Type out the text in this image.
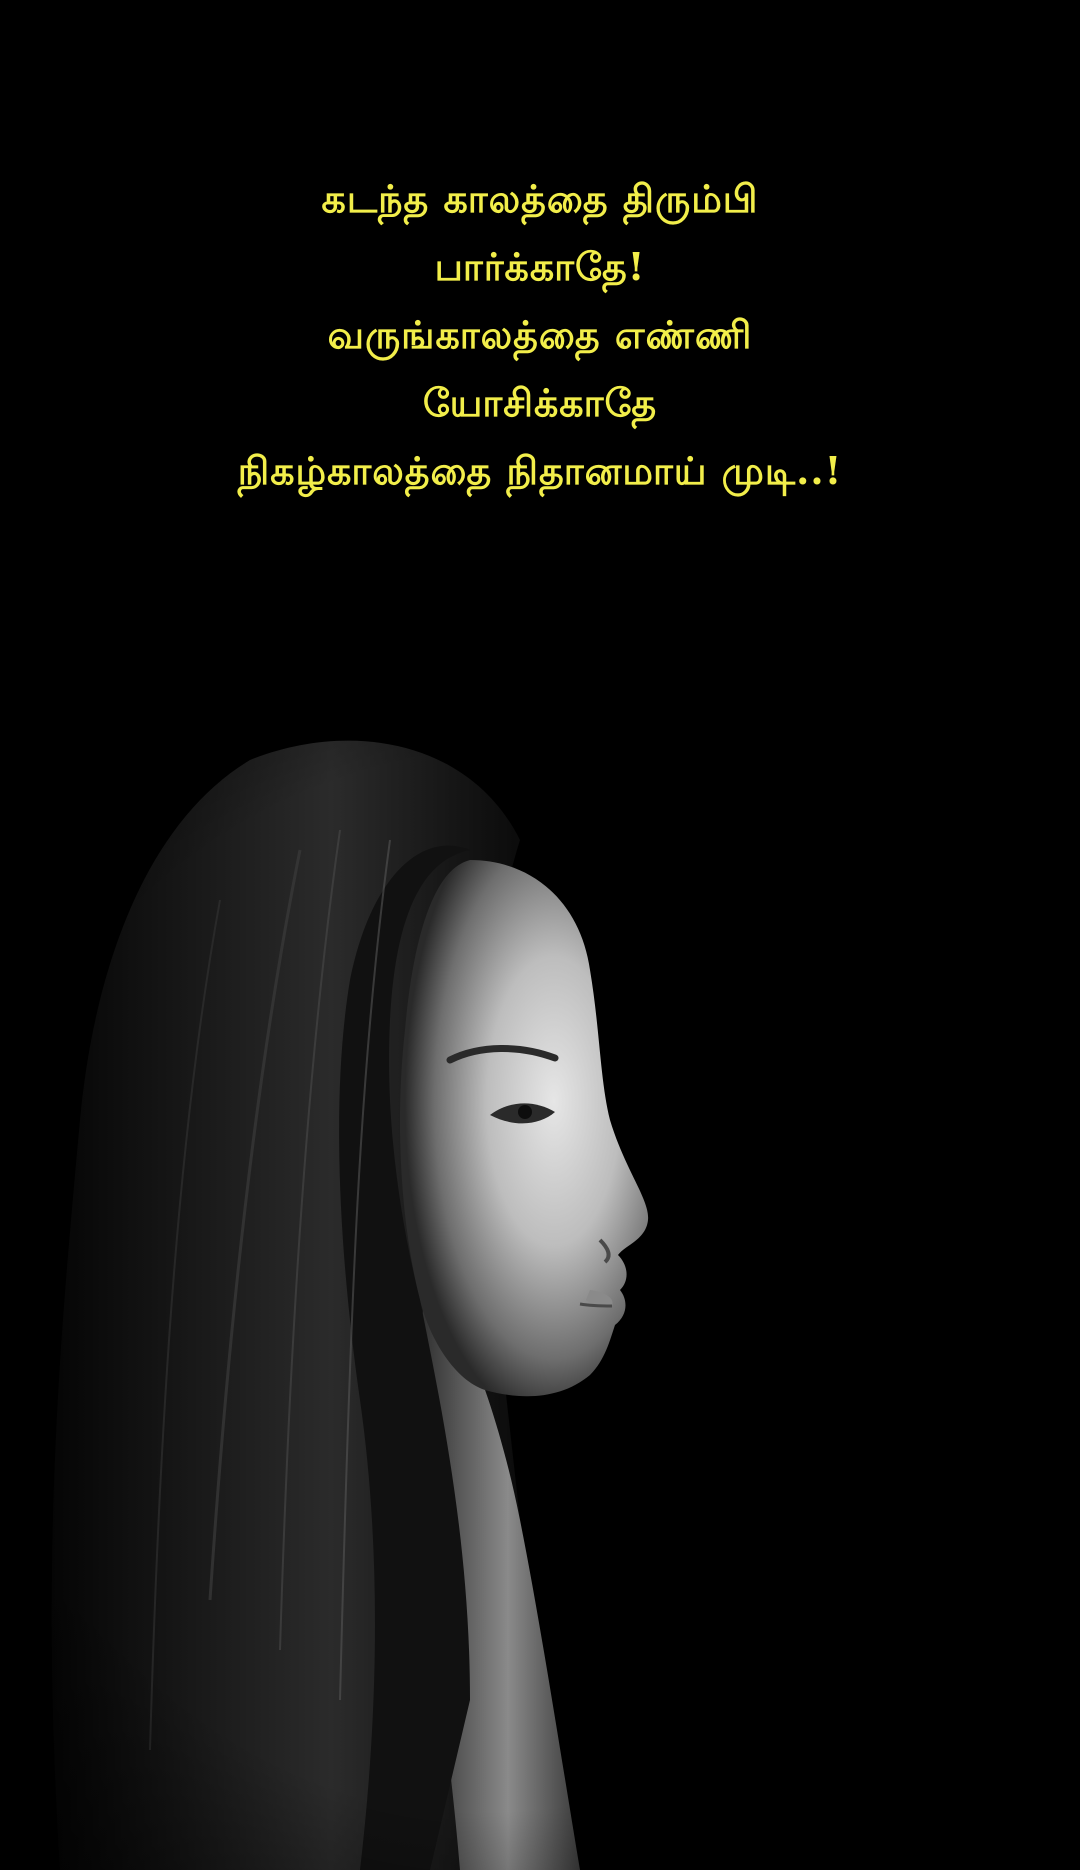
கடந்த காலத்தை திரும்பி
பார்க்காதே!
வருங்காலத்தை எண்ணி
யோசிக்காதே
நிகழ்காலத்தை நிதானமாய் முடி..!
